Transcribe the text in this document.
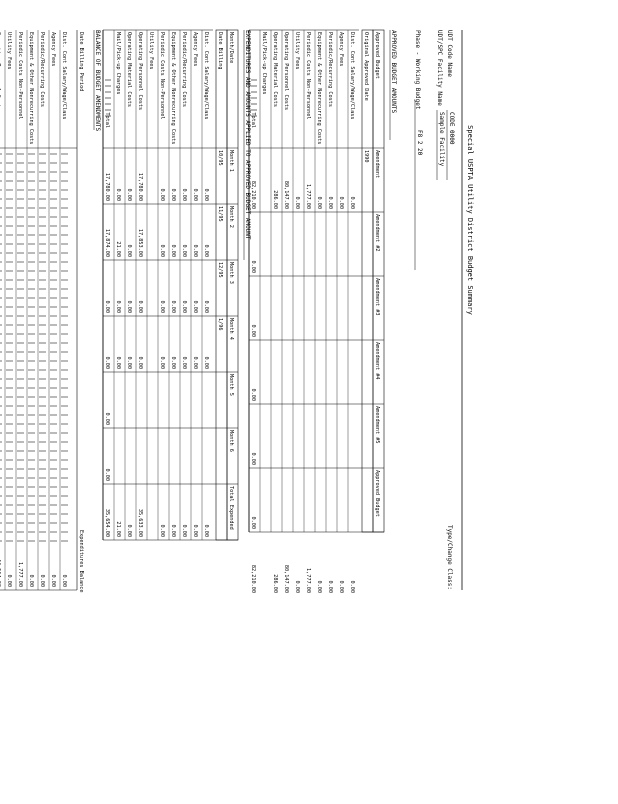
Special USPTA Utility District Budget Summary
Type/Change Class:
UDT Code Name
CODE 0000
UDT/SPC Facility Name
Sample Facility
Phase - Working Budget
F8 2 20
APPROVED BUDGET AMOUNTS
Approved Budget
Amendment
Amendment #2
Amendment #3
Amendment #4
Amendment #5
Approved Budget
Original Approved Date
1990
Dist. Cont Salary/Wage/Class
0.00
0.00
Agency Fees
0.00
0.00
Periodic/Recurring Costs
0.00
0.00
Equipment & Other Nonrecurring Costs
0.00
0.00
Periodic Costs Non-Personnel
1,777.00
1,777.00
Utility Fees
0.00
0.00
Operating Personnel Costs
80,147.00
80,147.00
Operating Material Costs
286.00
286.00
Mail/Pick-up Charges
Total
82,210.00
0.00
0.00
0.00
0.00
0.00
82,210.00
EXPENDITURES AND AMOUNTS APPLIED TO APPROVED BUDGET AMOUNT
Month/Date
Month 1
Month 2
Month 3
Month 4
Month 5
Month 6
Total Expended
Date Billing
10/95
11/95
12/95
1/96
Dist. Cont Salary/Wage/Class
0.00
0.00
0.00
0.00
0.00
Agency Fees
0.00
0.00
0.00
0.00
0.00
Periodic/Recurring Costs
0.00
0.00
0.00
0.00
0.00
Equipment & Other Nonrecurring Costs
0.00
0.00
0.00
0.00
0.00
Periodic Costs Non-Personnel
0.00
0.00
0.00
0.00
0.00
Utility Fees
Operating Personnel Costs
17,780.00
17,853.00
0.00
0.00
35,633.00
Operating Material Costs
0.00
0.00
0.00
0.00
0.00
Mail/Pick-up Charges
0.00
21.00
0.00
0.00
21.00
Total
17,780.00
17,874.00
0.00
0.00
0.00
0.00
35,654.00
BALANCE OF BUDGET AMENDMENTS
Date Billing Period
Expenditures Balance
Dist. Cont Salary/Wage/Class
0.00
Agency Fees
0.00
Periodic/Recurring Costs
0.00
Equipment & Other Nonrecurring Costs
0.00
Periodic Costs Non-Personnel
1,777.00
Utility Fees
0.00
